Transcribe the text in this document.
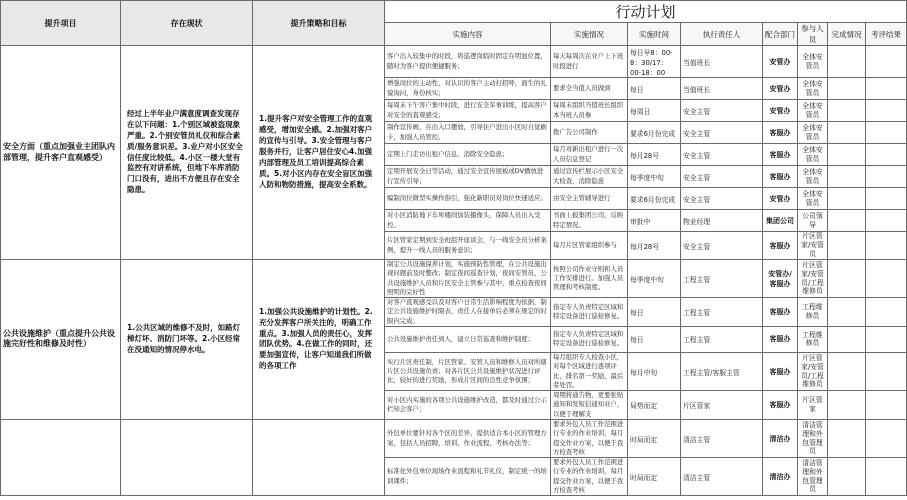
提升项目	存在现状	提升策略和目标	行动计划							
			实施内容	实施情况	实施时间	执行责任人	配合部门	参与人员	完成情况	考评结果
安全方面（重点加强业主团队内部管理，提升客户直观感受）	经过上半年业户满意度调查发现存在以下问题：1.个别区域被盗现象严重。2.个别安管员礼仪和综合素质/服务意识差。3.业户对小区安全信任度比较低。4.小区一楼大堂有监控有对讲系统，但地下车库消防门口没有，进出不方便且存在安全隐患。	1.提升客户对安全管理工作的直观感受，增加安全感。2.加强对客户的宣传与引导。3.安全管理与客户服务并行，让客户居住安心4.加强内部管理及员工培训提高综合素质。5.对小区内存在安全盲区加强人防和物防措施，提高安全系数。	客户出入较集中的时段，将巡逻岗临时固定在明显位置，随时为客户提供便捷服务；	每天每周次在业户上下班时段进行	每日早8：00-8：30/17：00-18：00	当值班长	安管办	全体安管员		
			增强岗位的主动性，对认识的客户主动打招呼，面生的礼貌询问，身份核实；	要求全当值人员做到	每日	当值班长	安管办	全体安管员		
			每周末下午客户集中时段，进行安全军事训练，提高客户对安全的直观感受；	每周末组织当值班长组织本当班人员参	每周日	安全主管	安管办	全体安管员		
			制作宣传画，在出入口摆放，引导住户进出小区时自觉刷卡，加强人员管控。	拨广告公司制作	要求6月份完成	安全主管	客服办	全体安管员		
			定期上门走访出租户信息，消除安全隐患；	每月对新出租户进行一次人员信息登记	每月28号	安全主管	客服办	全体安管员		
			定期开展安全日等活动，通过安全宣传展板或DV播放进行宣传引导；	通过宣传栏展示小区安全大检查，消除隐患	每季度中旬	安全主管	客服办	全体安管员		
			编制岗位微型实操作指引，强化新职员对岗位快速适应；	由安全主管辅导进行	要求6月份完成	安全主管	安管办	全体安管员		
			对小区消防地下车库楼间加装摄像头，保障人员出入受控。	书面上报集团公司，反映特定情况。	审批中	物业经理	集团公司	公司领导		
			片区管家定期到安全班组开座谈会，与一线安全员分析案例，提升一线人员的服务意识；	每月片区管家组织参与	每月28号	安全主管	客服办	片区管家/安管员		
公共设施维护（重点提升公共设施完好性和维修及时性）	1.公共区域的维修不及时，如路灯梯灯坏、消防门坏等。2.小区经常在没通知的情况停水电。	1.加强公共设施维护的计划性。2.充分发挥客户所关注的，明确工作重点。3.加强人员的责任心，发挥团队优势。4.在做工作的同时，还要加强宣传，让客户知道我们所做的各项工作	制定公共设施保养计划，实施预防性管理，在公共设施出现问题前及时整改；制定夜间巡查计划，夜间安管员、公共设施维护人员和片区安全主管参与其中，重点检查夜间照明的完好性	按照公司作业守则和人员工作安排进行。加强人员管理和考核制度。	每季度中旬	工程主管	安管办/客服办	片区管家/安管员/工程维修员		
			对客户直观感受以及对客户日常生活影响程度为依据，制定公共设施维护时限表，责任人在接单后必须在规定的时限内完成；	指定专人负责特定区域和特定设备进行巡检修复。	每日	工程主管	客服办	工程维修员		
			公共设施维护责任到人，建立日常巡查和维护制度；	指定专人负责特定区域和特定设备进行巡检修复。	每日	工程主管	客服办	工程维修员		
			实行片区责任制，片区管家、安管人员和维修人员对所辖片区公共设施负责；对各片区公共设施维护状况进行评比，较好的进行奖励，形成片区间的良性竞争氛围；	每月组织专人检查小区，对每个区域进行逐项评比，排名第一奖励，最后者处罚。	每月中旬	工程主管/客服主管	客服办	片区管家/安管员/工程维修员		
			对小区内实施的各项公共设施维护改造，都及时通过公示栏知会客户；	周期将通告物、更要张贴通知和发短信通知业户，以便于理解支	局势而定	片区管家	客服办	片区管家		
			外包单位要针对各个区的差异，提供适合本小区的管理方案，包括人员招聘、培训、作业流程、考核办法等；	要求外包人员工作范围进行专业的作业培训，每月提交作业方案，以便于我方检查考核	时局而定	清洁主管	清洁办	清洁管理和外包管理员		
			标准化外包单位现场作业流程和礼节礼仪，制定统一的培训课件；	要求外包人员工作范围进行专业的作业培训，每月提交作业方案，以便于我方检查考核	时局而定	清洁主管	清洁办	清洁管理和外包管理员		
